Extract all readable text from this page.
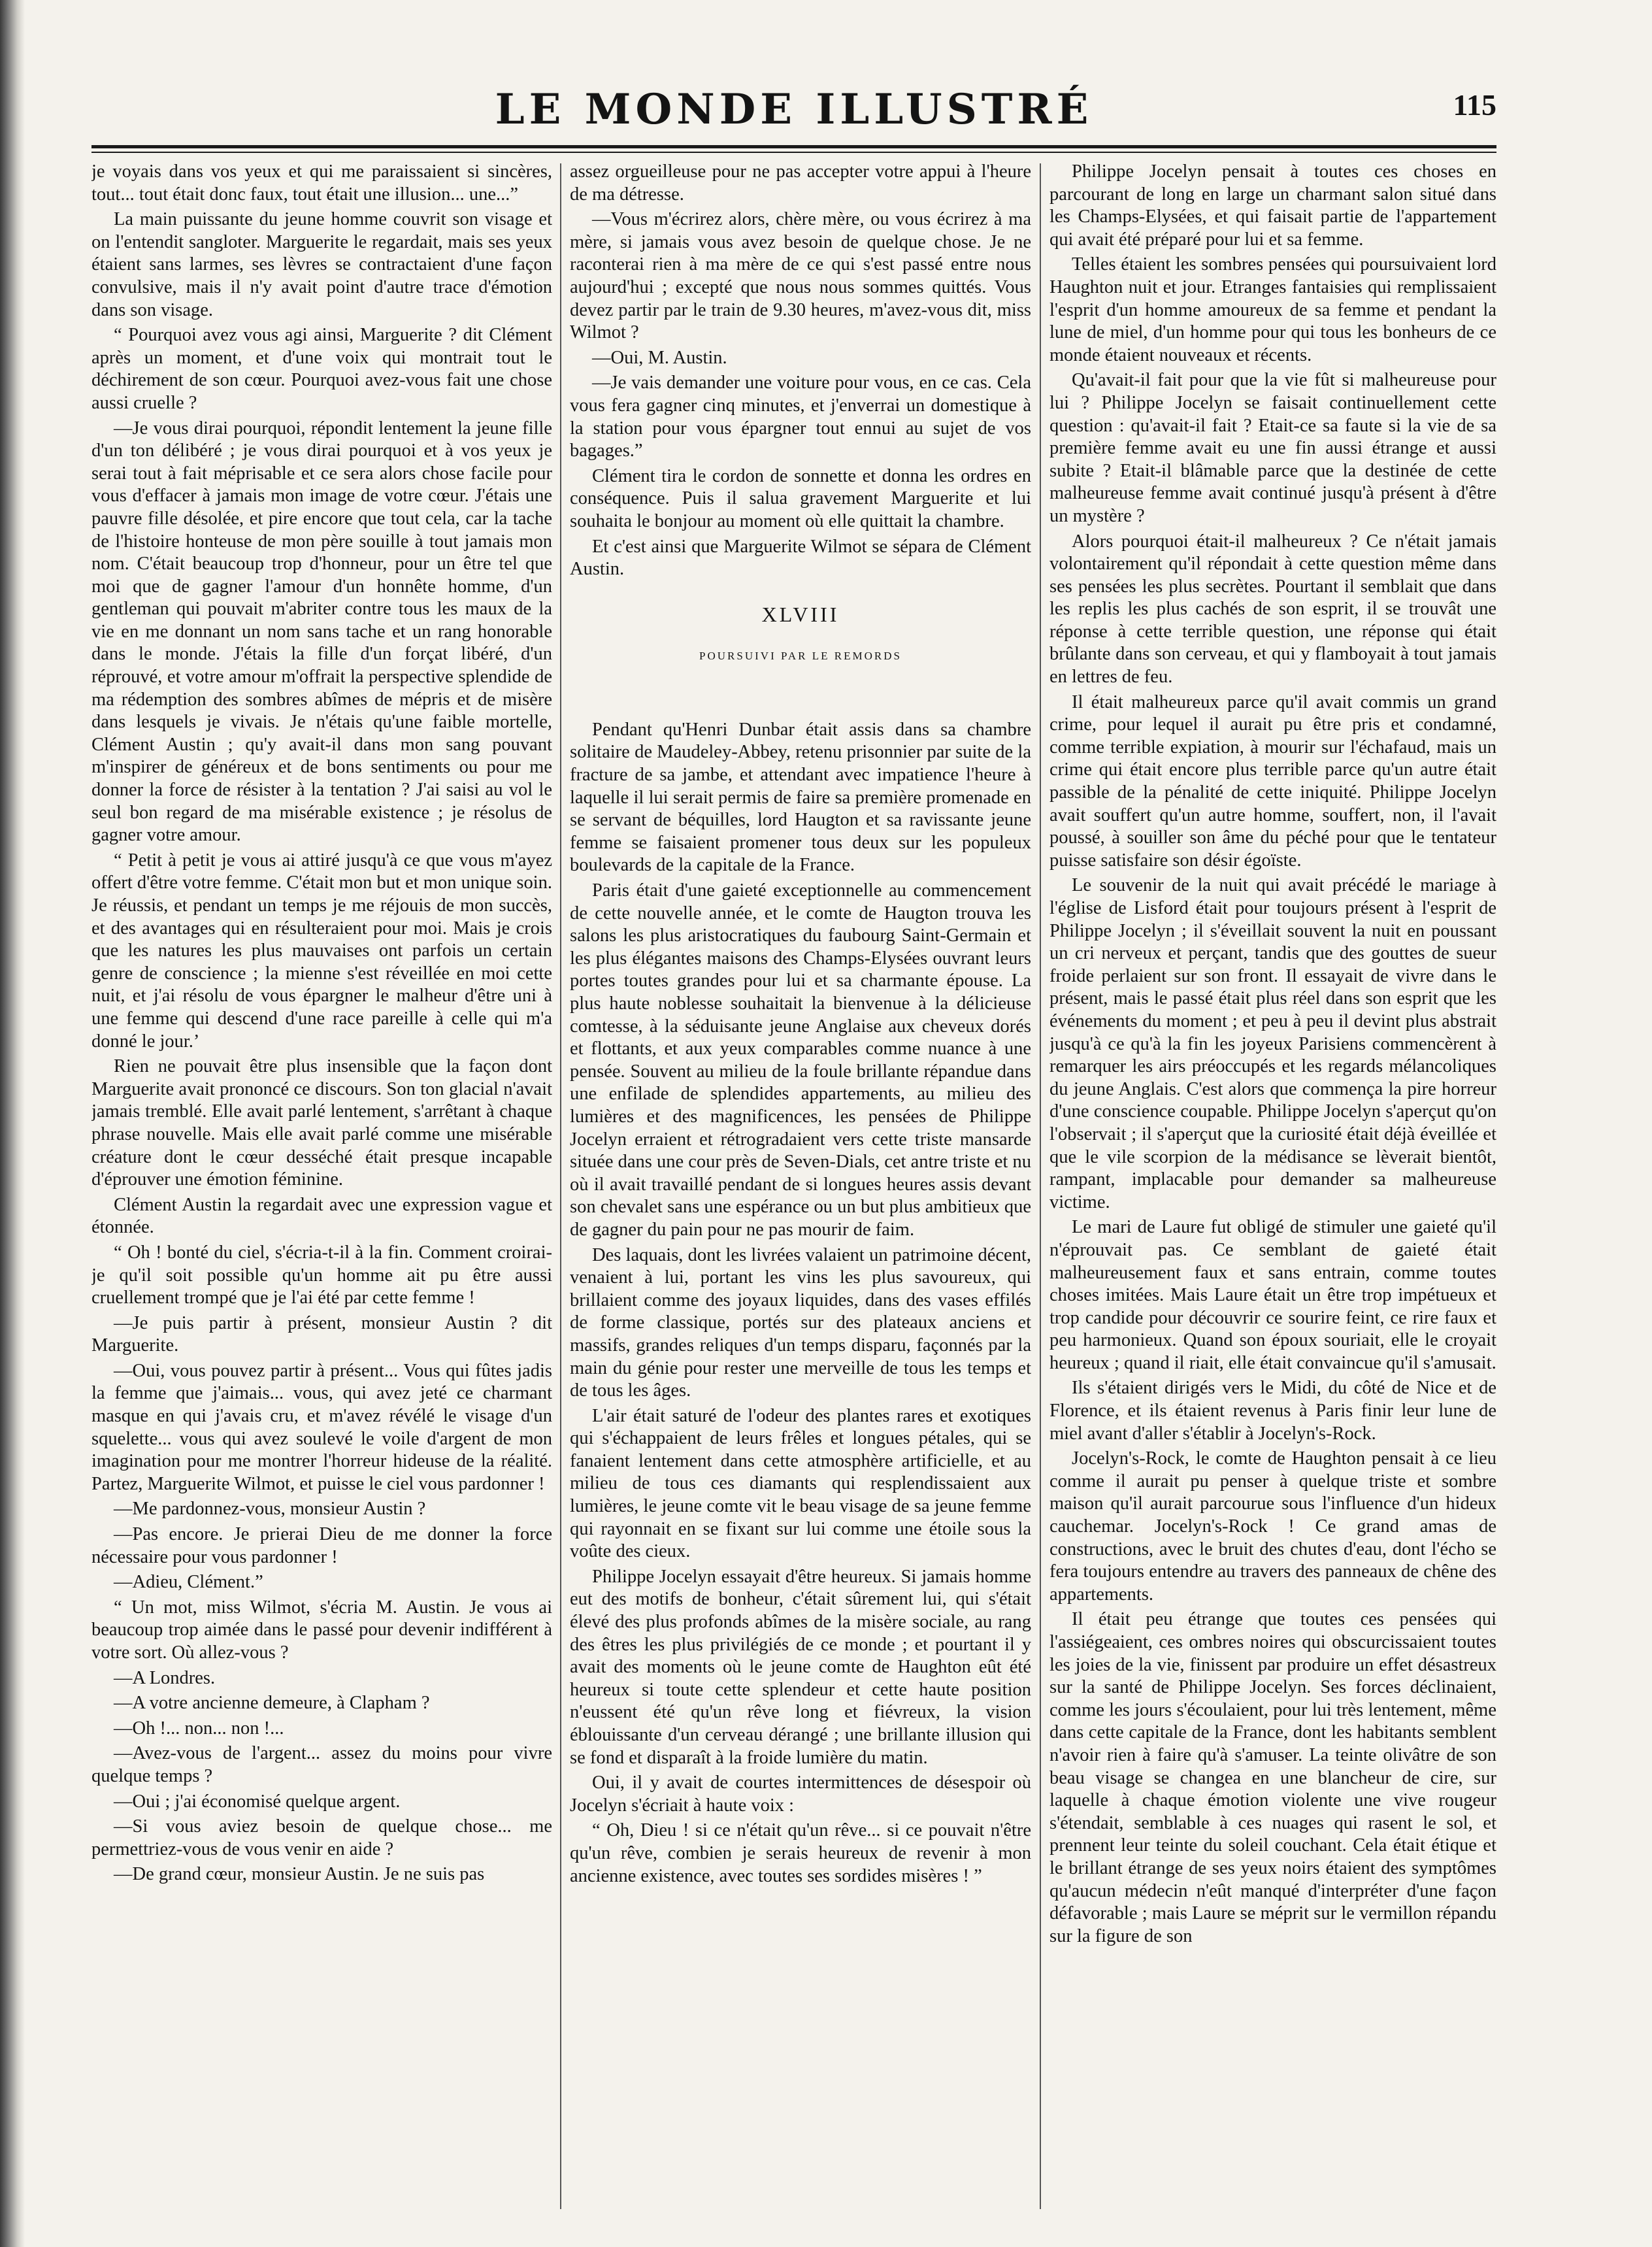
LE MONDE ILLUSTRÉ	115

je voyais dans vos yeux et qui me paraissaient si sincères, tout... tout était donc faux, tout était une illusion... une...”

La main puissante du jeune homme couvrit son visage et on l'entendit sangloter. Marguerite le regardait, mais ses yeux étaient sans larmes, ses lèvres se contractaient d'une façon convulsive, mais il n'y avait point d'autre trace d'émotion dans son visage.

“ Pourquoi avez vous agi ainsi, Marguerite ? dit Clément après un moment, et d'une voix qui montrait tout le déchirement de son cœur. Pourquoi avez-vous fait une chose aussi cruelle ?

—Je vous dirai pourquoi, répondit lentement la jeune fille d'un ton délibéré ; je vous dirai pourquoi et à vos yeux je serai tout à fait méprisable et ce sera alors chose facile pour vous d'effacer à jamais mon image de votre cœur. J'étais une pauvre fille désolée, et pire encore que tout cela, car la tache de l'histoire honteuse de mon père souille à tout jamais mon nom. C'était beaucoup trop d'honneur, pour un être tel que moi que de gagner l'amour d'un honnête homme, d'un gentleman qui pouvait m'abriter contre tous les maux de la vie en me donnant un nom sans tache et un rang honorable dans le monde. J'étais la fille d'un forçat libéré, d'un réprouvé, et votre amour m'offrait la perspective splendide de ma rédemption des sombres abîmes de mépris et de misère dans lesquels je vivais. Je n'étais qu'une faible mortelle, Clément Austin ; qu'y avait-il dans mon sang pouvant m'inspirer de généreux et de bons sentiments ou pour me donner la force de résister à la tentation ? J'ai saisi au vol le seul bon regard de ma misérable existence ; je résolus de gagner votre amour.

“ Petit à petit je vous ai attiré jusqu'à ce que vous m'ayez offert d'être votre femme. C'était mon but et mon unique soin. Je réussis, et pendant un temps je me réjouis de mon succès, et des avantages qui en résulteraient pour moi. Mais je crois que les natures les plus mauvaises ont parfois un certain genre de conscience ; la mienne s'est réveillée en moi cette nuit, et j'ai résolu de vous épargner le malheur d'être uni à une femme qui descend d'une race pareille à celle qui m'a donné le jour.’

Rien ne pouvait être plus insensible que la façon dont Marguerite avait prononcé ce discours. Son ton glacial n'avait jamais tremblé. Elle avait parlé lentement, s'arrêtant à chaque phrase nouvelle. Mais elle avait parlé comme une misérable créature dont le cœur desséché était presque incapable d'éprouver une émotion féminine.

Clément Austin la regardait avec une expression vague et étonnée.

“ Oh ! bonté du ciel, s'écria-t-il à la fin. Comment croirai-je qu'il soit possible qu'un homme ait pu être aussi cruellement trompé que je l'ai été par cette femme !

—Je puis partir à présent, monsieur Austin ? dit Marguerite.

—Oui, vous pouvez partir à présent... Vous qui fûtes jadis la femme que j'aimais... vous, qui avez jeté ce charmant masque en qui j'avais cru, et m'avez révélé le visage d'un squelette... vous qui avez soulevé le voile d'argent de mon imagination pour me montrer l'horreur hideuse de la réalité. Partez, Marguerite Wilmot, et puisse le ciel vous pardonner !

—Me pardonnez-vous, monsieur Austin ?

—Pas encore. Je prierai Dieu de me donner la force nécessaire pour vous pardonner !

—Adieu, Clément.”

“ Un mot, miss Wilmot, s'écria M. Austin. Je vous ai beaucoup trop aimée dans le passé pour devenir indifférent à votre sort. Où allez-vous ?

—A Londres.

—A votre ancienne demeure, à Clapham ?

—Oh !... non... non !...

—Avez-vous de l'argent... assez du moins pour vivre quelque temps ?

—Oui ; j'ai économisé quelque argent.

—Si vous aviez besoin de quelque chose... me permettriez-vous de vous venir en aide ?

—De grand cœur, monsieur Austin. Je ne suis pas

assez orgueilleuse pour ne pas accepter votre appui à l'heure de ma détresse.

—Vous m'écrirez alors, chère mère, ou vous écrirez à ma mère, si jamais vous avez besoin de quelque chose. Je ne raconterai rien à ma mère de ce qui s'est passé entre nous aujourd'hui ; excepté que nous nous sommes quittés. Vous devez partir par le train de 9.30 heures, m'avez-vous dit, miss Wilmot ?

—Oui, M. Austin.

—Je vais demander une voiture pour vous, en ce cas. Cela vous fera gagner cinq minutes, et j'enverrai un domestique à la station pour vous épargner tout ennui au sujet de vos bagages.”

Clément tira le cordon de sonnette et donna les ordres en conséquence. Puis il salua gravement Marguerite et lui souhaita le bonjour au moment où elle quittait la chambre.

Et c'est ainsi que Marguerite Wilmot se sépara de Clément Austin.

XLVIII
POURSUIVI PAR LE REMORDS

Pendant qu'Henri Dunbar était assis dans sa chambre solitaire de Maudeley-Abbey, retenu prisonnier par suite de la fracture de sa jambe, et attendant avec impatience l'heure à laquelle il lui serait permis de faire sa première promenade en se servant de béquilles, lord Haugton et sa ravissante jeune femme se faisaient promener tous deux sur les populeux boulevards de la capitale de la France.

Paris était d'une gaieté exceptionnelle au commencement de cette nouvelle année, et le comte de Haugton trouva les salons les plus aristocratiques du faubourg Saint-Germain et les plus élégantes maisons des Champs-Elysées ouvrant leurs portes toutes grandes pour lui et sa charmante épouse. La plus haute noblesse souhaitait la bienvenue à la délicieuse comtesse, à la séduisante jeune Anglaise aux cheveux dorés et flottants, et aux yeux comparables comme nuance à une pensée. Souvent au milieu de la foule brillante répandue dans une enfilade de splendides appartements, au milieu des lumières et des magnificences, les pensées de Philippe Jocelyn erraient et rétrogradaient vers cette triste mansarde située dans une cour près de Seven-Dials, cet antre triste et nu où il avait travaillé pendant de si longues heures assis devant son chevalet sans une espérance ou un but plus ambitieux que de gagner du pain pour ne pas mourir de faim.

Des laquais, dont les livrées valaient un patrimoine décent, venaient à lui, portant les vins les plus savoureux, qui brillaient comme des joyaux liquides, dans des vases effilés de forme classique, portés sur des plateaux anciens et massifs, grandes reliques d'un temps disparu, façonnés par la main du génie pour rester une merveille de tous les temps et de tous les âges.

L'air était saturé de l'odeur des plantes rares et exotiques qui s'échappaient de leurs frêles et longues pétales, qui se fanaient lentement dans cette atmosphère artificielle, et au milieu de tous ces diamants qui resplendissaient aux lumières, le jeune comte vit le beau visage de sa jeune femme qui rayonnait en se fixant sur lui comme une étoile sous la voûte des cieux.

Philippe Jocelyn essayait d'être heureux. Si jamais homme eut des motifs de bonheur, c'était sûrement lui, qui s'était élevé des plus profonds abîmes de la misère sociale, au rang des êtres les plus privilégiés de ce monde ; et pourtant il y avait des moments où le jeune comte de Haughton eût été heureux si toute cette splendeur et cette haute position n'eussent été qu'un rêve long et fiévreux, la vision éblouissante d'un cerveau dérangé ; une brillante illusion qui se fond et disparaît à la froide lumière du matin.

Oui, il y avait de courtes intermittences de désespoir où Jocelyn s'écriait à haute voix :

“ Oh, Dieu ! si ce n'était qu'un rêve... si ce pouvait n'être qu'un rêve, combien je serais heureux de revenir à mon ancienne existence, avec toutes ses sordides misères ! ”

Philippe Jocelyn pensait à toutes ces choses en parcourant de long en large un charmant salon situé dans les Champs-Elysées, et qui faisait partie de l'appartement qui avait été préparé pour lui et sa femme.

Telles étaient les sombres pensées qui poursuivaient lord Haughton nuit et jour. Etranges fantaisies qui remplissaient l'esprit d'un homme amoureux de sa femme et pendant la lune de miel, d'un homme pour qui tous les bonheurs de ce monde étaient nouveaux et récents.

Qu'avait-il fait pour que la vie fût si malheureuse pour lui ? Philippe Jocelyn se faisait continuellement cette question : qu'avait-il fait ? Etait-ce sa faute si la vie de sa première femme avait eu une fin aussi étrange et aussi subite ? Etait-il blâmable parce que la destinée de cette malheureuse femme avait continué jusqu'à présent à d'être un mystère ?

Alors pourquoi était-il malheureux ? Ce n'était jamais volontairement qu'il répondait à cette question même dans ses pensées les plus secrètes. Pourtant il semblait que dans les replis les plus cachés de son esprit, il se trouvât une réponse à cette terrible question, une réponse qui était brûlante dans son cerveau, et qui y flamboyait à tout jamais en lettres de feu.

Il était malheureux parce qu'il avait commis un grand crime, pour lequel il aurait pu être pris et condamné, comme terrible expiation, à mourir sur l'échafaud, mais un crime qui était encore plus terrible parce qu'un autre était passible de la pénalité de cette iniquité. Philippe Jocelyn avait souffert qu'un autre homme, souffert, non, il l'avait poussé, à souiller son âme du péché pour que le tentateur puisse satisfaire son désir égoïste.

Le souvenir de la nuit qui avait précédé le mariage à l'église de Lisford était pour toujours présent à l'esprit de Philippe Jocelyn ; il s'éveillait souvent la nuit en poussant un cri nerveux et perçant, tandis que des gouttes de sueur froide perlaient sur son front. Il essayait de vivre dans le présent, mais le passé était plus réel dans son esprit que les événements du moment ; et peu à peu il devint plus abstrait jusqu'à ce qu'à la fin les joyeux Parisiens commencèrent à remarquer les airs préoccupés et les regards mélancoliques du jeune Anglais. C'est alors que commença la pire horreur d'une conscience coupable. Philippe Jocelyn s'aperçut qu'on l'observait ; il s'aperçut que la curiosité était déjà éveillée et que le vile scorpion de la médisance se lèverait bientôt, rampant, implacable pour demander sa malheureuse victime.

Le mari de Laure fut obligé de stimuler une gaieté qu'il n'éprouvait pas. Ce semblant de gaieté était malheureusement faux et sans entrain, comme toutes choses imitées. Mais Laure était un être trop impétueux et trop candide pour découvrir ce sourire feint, ce rire faux et peu harmonieux. Quand son époux souriait, elle le croyait heureux ; quand il riait, elle était convaincue qu'il s'amusait.

Ils s'étaient dirigés vers le Midi, du côté de Nice et de Florence, et ils étaient revenus à Paris finir leur lune de miel avant d'aller s'établir à Jocelyn's-Rock.

Jocelyn's-Rock, le comte de Haughton pensait à ce lieu comme il aurait pu penser à quelque triste et sombre maison qu'il aurait parcourue sous l'influence d'un hideux cauchemar. Jocelyn's-Rock ! Ce grand amas de constructions, avec le bruit des chutes d'eau, dont l'écho se fera toujours entendre au travers des panneaux de chêne des appartements.

Il était peu étrange que toutes ces pensées qui l'assiégeaient, ces ombres noires qui obscurcissaient toutes les joies de la vie, finissent par produire un effet désastreux sur la santé de Philippe Jocelyn. Ses forces déclinaient, comme les jours s'écoulaient, pour lui très lentement, même dans cette capitale de la France, dont les habitants semblent n'avoir rien à faire qu'à s'amuser. La teinte olivâtre de son beau visage se changea en une blancheur de cire, sur laquelle à chaque émotion violente une vive rougeur s'étendait, semblable à ces nuages qui rasent le sol, et prennent leur teinte du soleil couchant. Cela était étique et le brillant étrange de ses yeux noirs étaient des symptômes qu'aucun médecin n'eût manqué d'interpréter d'une façon défavorable ; mais Laure se méprit sur le vermillon répandu sur la figure de son
